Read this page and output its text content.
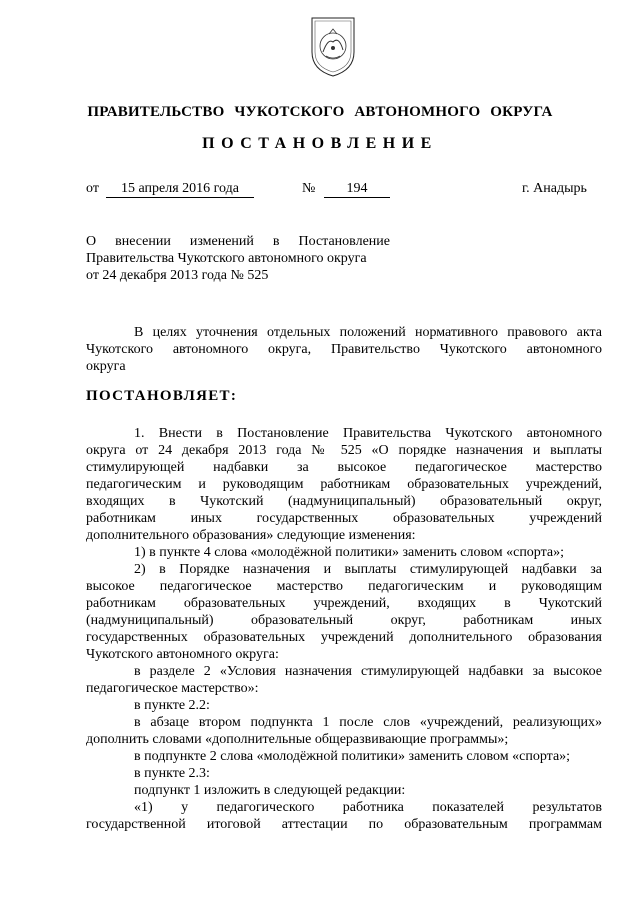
ПРАВИТЕЛЬСТВО ЧУКОТСКОГО АВТОНОМНОГО ОКРУГА
ПОСТАНОВЛЕНИЕ
от	15 апреля 2016 года	№	194	г. Анадырь
О внесении изменений в Постановление
Правительства Чукотского автономного округа
от 24 декабря 2013 года № 525
В целях уточнения отдельных положений нормативного правового акта
Чукотского автономного округа, Правительство Чукотского автономного
округа
ПОСТАНОВЛЯЕТ:
1. Внести в Постановление Правительства Чукотского автономного
округа от 24 декабря 2013 года № 525 «О порядке назначения и выплаты
стимулирующей надбавки за высокое педагогическое мастерство
педагогическим и руководящим работникам образовательных учреждений,
входящих в Чукотский (надмуниципальный) образовательный округ,
работникам иных государственных образовательных учреждений
дополнительного образования» следующие изменения:
1) в пункте 4 слова «молодёжной политики» заменить словом «спорта»;
2) в Порядке назначения и выплаты стимулирующей надбавки за
высокое педагогическое мастерство педагогическим и руководящим
работникам образовательных учреждений, входящих в Чукотский
(надмуниципальный) образовательный округ, работникам иных
государственных образовательных учреждений дополнительного образования
Чукотского автономного округа:
в разделе 2 «Условия назначения стимулирующей надбавки за высокое
педагогическое мастерство»:
в пункте 2.2:
в абзаце втором подпункта 1 после слов «учреждений, реализующих»
дополнить словами «дополнительные общеразвивающие программы»;
в подпункте 2 слова «молодёжной политики» заменить словом «спорта»;
в пункте 2.3:
подпункт 1 изложить в следующей редакции:
«1) у педагогического работника показателей результатов
государственной итоговой аттестации по образовательным программам
